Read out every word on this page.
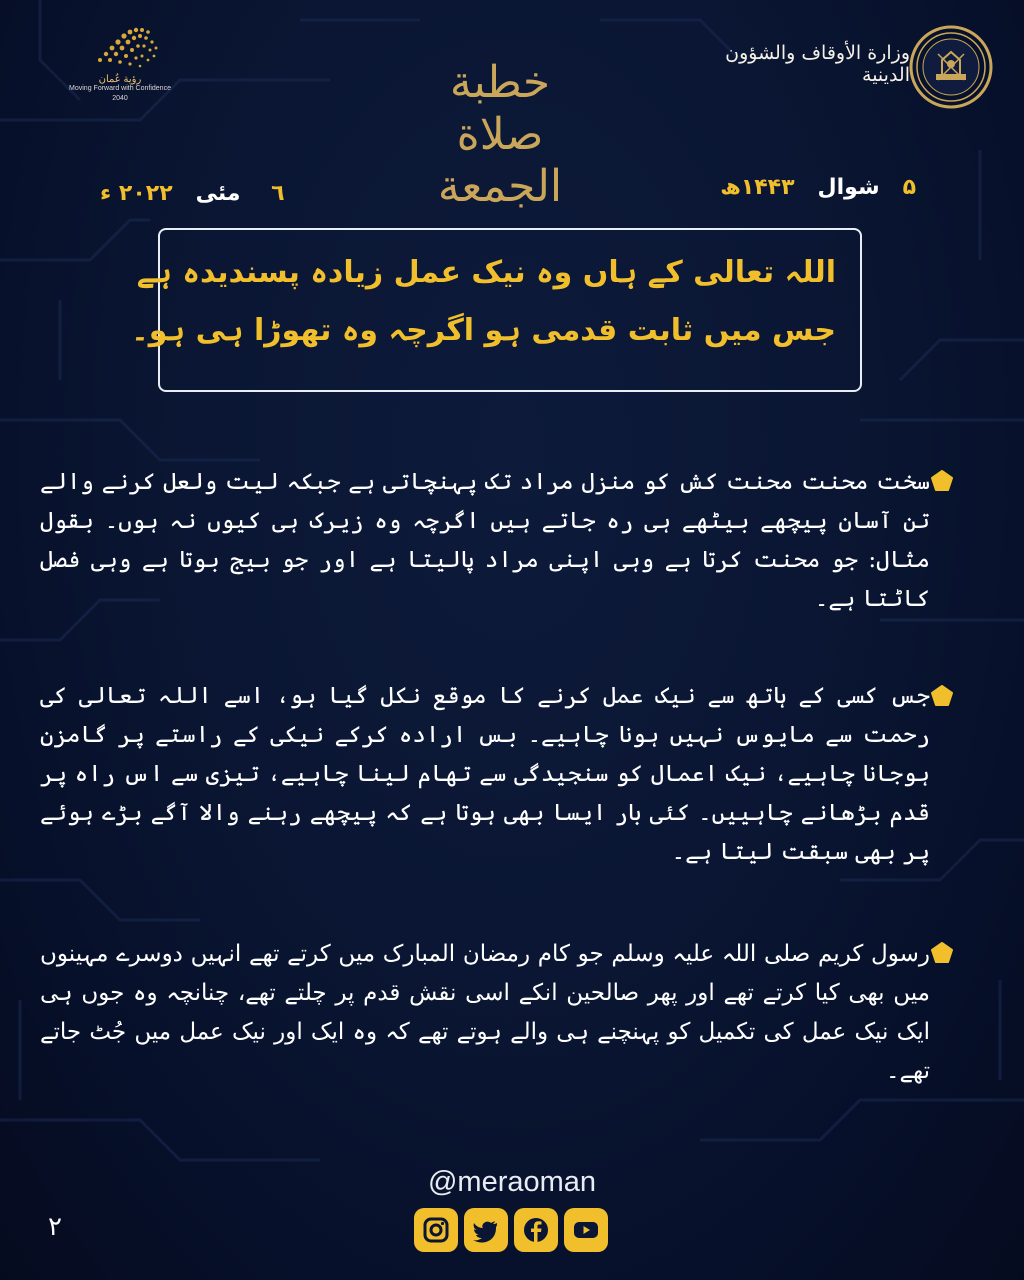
رؤية عُمان
Moving Forward with Confidence
2040
وزارة الأوقاف والشؤون الدينية
خطبة صلاة الجمعة	۵   شوال   ۱۴۴۳ھ
٦    مئی   ۲۰۲۲ ء
اللہ تعالی کے ہاں وہ نیک عمل زیادہ پسندیدہ ہے
جس میں ثابت قدمی ہو اگرچہ وہ تھوڑا ہی ہو۔
سخت محنت محنت کش کو منزل مراد تک پہنچاتی ہے جبکہ لیت ولعل کرنے والے تن آسان پیچھے بیٹھے ہی رہ جاتے ہیں اگرچہ وہ زیرک ہی کیوں نہ ہوں۔ بقول مثال: جو محنت کرتا ہے وہی اپنی مراد پالیتا ہے اور جو بیج بوتا ہے وہی فصل کاٹتا ہے۔
جس کسی کے ہاتھ سے نیک عمل کرنے کا موقع نکل گیا ہو، اسے اللہ تعالی کی رحمت سے مایوس نہیں ہونا چاہیے۔ بس ارادہ کرکے نیکی کے راستے پر گامزن ہوجانا چاہیے، نیک اعمال کو سنجیدگی سے تھام لینا چاہیے، تیزی سے اس راہ پر قدم بڑھانے چاہییں۔ کئی بار ایسا بھی ہوتا ہے کہ پیچھے رہنے والا آگے بڑے ہوئے پر بھی سبقت لیتا ہے۔
رسول کریم صلی اللہ علیہ وسلم جو کام رمضان المبارک میں کرتے تھے انہیں دوسرے مہینوں میں بھی کیا کرتے تھے اور پھر صالحین انکے اسی نقش قدم پر چلتے تھے، چنانچہ وہ جوں ہی ایک نیک عمل کی تکمیل کو پہنچنے ہی والے ہوتے تھے کہ وہ ایک اور نیک عمل میں جُٹ جاتے تھے۔
@meraoman
۲
